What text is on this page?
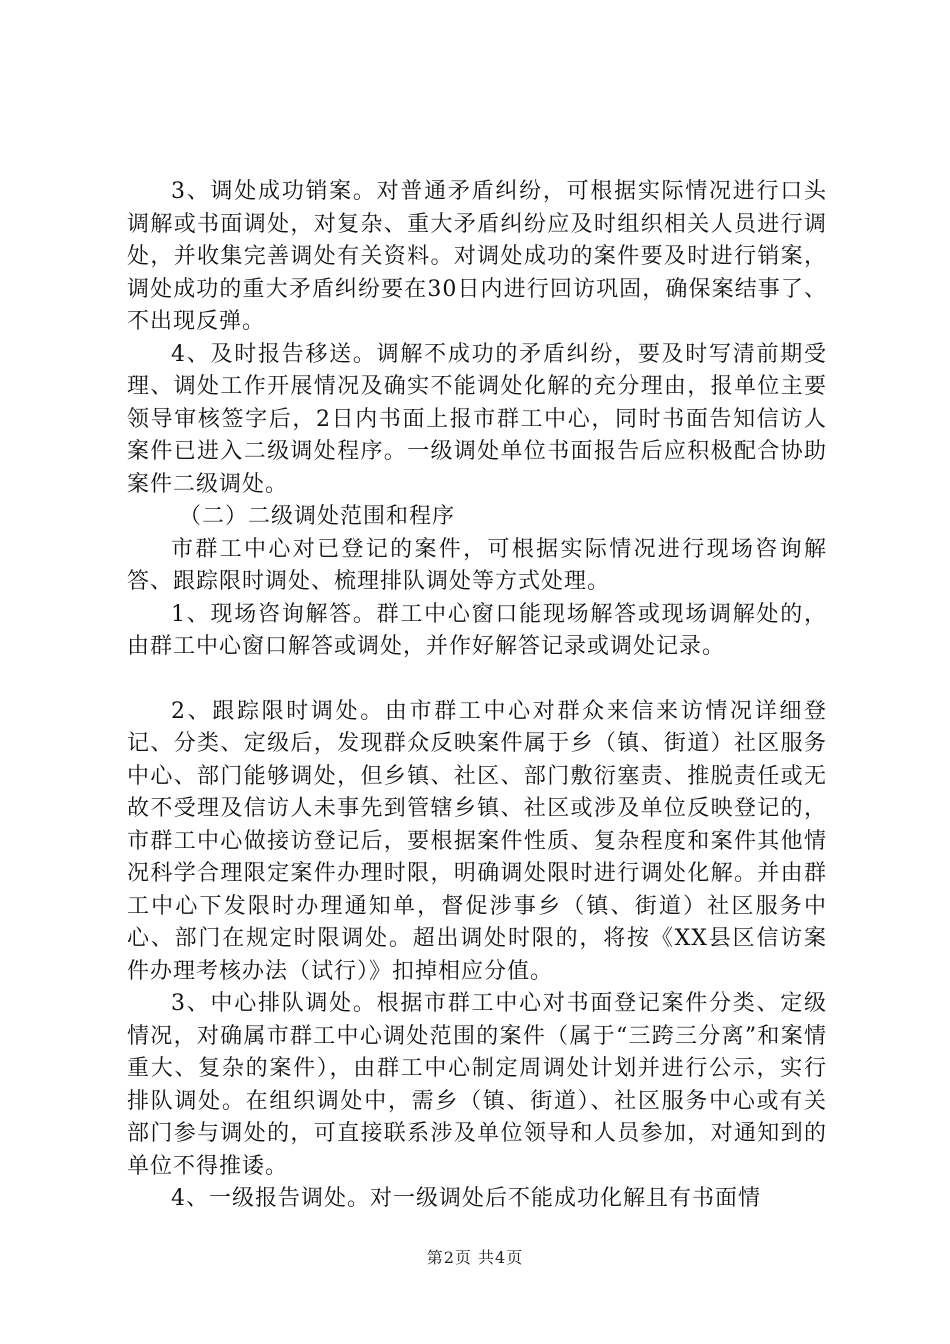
3、调处成功销案。对普通矛盾纠纷，可根据实际情况进行口头调解或书面调处，对复杂、重大矛盾纠纷应及时组织相关人员进行调处，并收集完善调处有关资料。对调处成功的案件要及时进行销案，调处成功的重大矛盾纠纷要在30日内进行回访巩固，确保案结事了、不出现反弹。

4、及时报告移送。调解不成功的矛盾纠纷，要及时写清前期受理、调处工作开展情况及确实不能调处化解的充分理由，报单位主要领导审核签字后，2日内书面上报市群工中心，同时书面告知信访人案件已进入二级调处程序。一级调处单位书面报告后应积极配合协助案件二级调处。

（二）二级调处范围和程序

市群工中心对已登记的案件，可根据实际情况进行现场咨询解答、跟踪限时调处、梳理排队调处等方式处理。

1、现场咨询解答。群工中心窗口能现场解答或现场调解处的，由群工中心窗口解答或调处，并作好解答记录或调处记录。

2、跟踪限时调处。由市群工中心对群众来信来访情况详细登记、分类、定级后，发现群众反映案件属于乡（镇、街道）社区服务中心、部门能够调处，但乡镇、社区、部门敷衍塞责、推脱责任或无故不受理及信访人未事先到管辖乡镇、社区或涉及单位反映登记的，市群工中心做接访登记后，要根据案件性质、复杂程度和案件其他情况科学合理限定案件办理时限，明确调处限时进行调处化解。并由群工中心下发限时办理通知单，督促涉事乡（镇、街道）社区服务中心、部门在规定时限调处。超出调处时限的，将按《XX县区信访案件办理考核办法（试行）》扣掉相应分值。

3、中心排队调处。根据市群工中心对书面登记案件分类、定级情况，对确属市群工中心调处范围的案件（属于“三跨三分离”和案情重大、复杂的案件），由群工中心制定周调处计划并进行公示，实行排队调处。在组织调处中，需乡（镇、街道）、社区服务中心或有关部门参与调处的，可直接联系涉及单位领导和人员参加，对通知到的单位不得推诿。

4、一级报告调处。对一级调处后不能成功化解且有书面情

第2页 共4页
